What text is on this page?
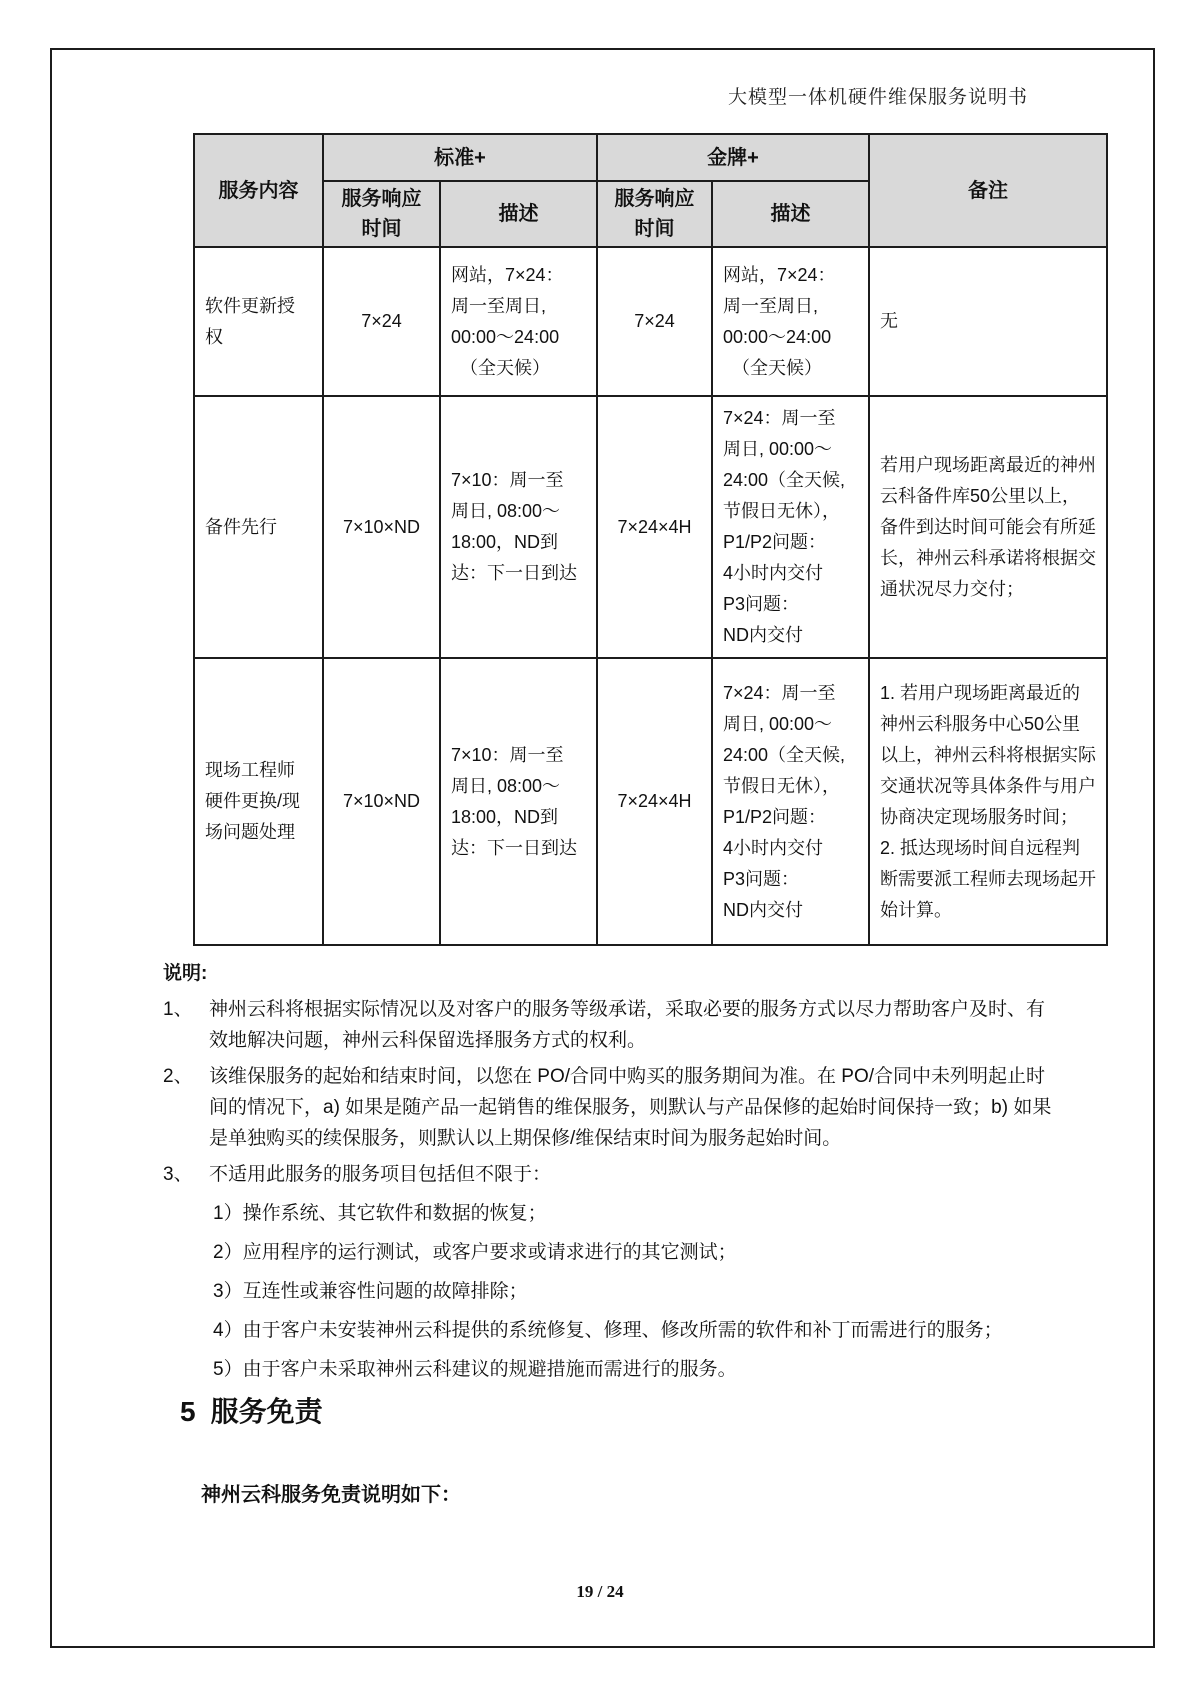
大模型一体机硬件维保服务说明书
服务内容	标准+		金牌+		备注
	服务响应时间	描述	服务响应时间	描述	
软件更新授权	7×24	网站，7×24：
周一至周日,
00:00～24:00
　（全天候）	7×24	网站，7×24：
周一至周日,
00:00～24:00
　（全天候）	无
备件先行	7×10×ND	7×10：周一至
周日, 08:00～
18:00，ND到
达：下一日到达	7×24×4H	7×24：周一至
周日, 00:00～
24:00（全天候,
节假日无休），
P1/P2问题：
4小时内交付
P3问题：
ND内交付	若用户现场距离最近的神州云科备件库50公里以上，备件到达时间可能会有所延长，神州云科承诺将根据交通状况尽力交付；
现场工程师硬件更换/现场问题处理	7×10×ND	7×10：周一至
周日, 08:00～
18:00，ND到
达：下一日到达	7×24×4H	7×24：周一至
周日, 00:00～
24:00（全天候,
节假日无休），
P1/P2问题：
4小时内交付
P3问题：
ND内交付	1. 若用户现场距离最近的神州云科服务中心50公里以上，神州云科将根据实际交通状况等具体条件与用户协商决定现场服务时间；
2. 抵达现场时间自远程判断需要派工程师去现场起开始计算。
说明:
1、 神州云科将根据实际情况以及对客户的服务等级承诺，采取必要的服务方式以尽力帮助客户及时、有效地解决问题，神州云科保留选择服务方式的权利。
2、 该维保服务的起始和结束时间，以您在 PO/合同中购买的服务期间为准。在 PO/合同中未列明起止时间的情况下，a) 如果是随产品一起销售的维保服务，则默认与产品保修的起始时间保持一致；b) 如果是单独购买的续保服务，则默认以上期保修/维保结束时间为服务起始时间。
3、 不适用此服务的服务项目包括但不限于：
1）操作系统、其它软件和数据的恢复；
2）应用程序的运行测试，或客户要求或请求进行的其它测试；
3）互连性或兼容性问题的故障排除；
4）由于客户未安装神州云科提供的系统修复、修理、修改所需的软件和补丁而需进行的服务；
5）由于客户未采取神州云科建议的规避措施而需进行的服务。
5 服务免责
神州云科服务免责说明如下：
19 / 24
